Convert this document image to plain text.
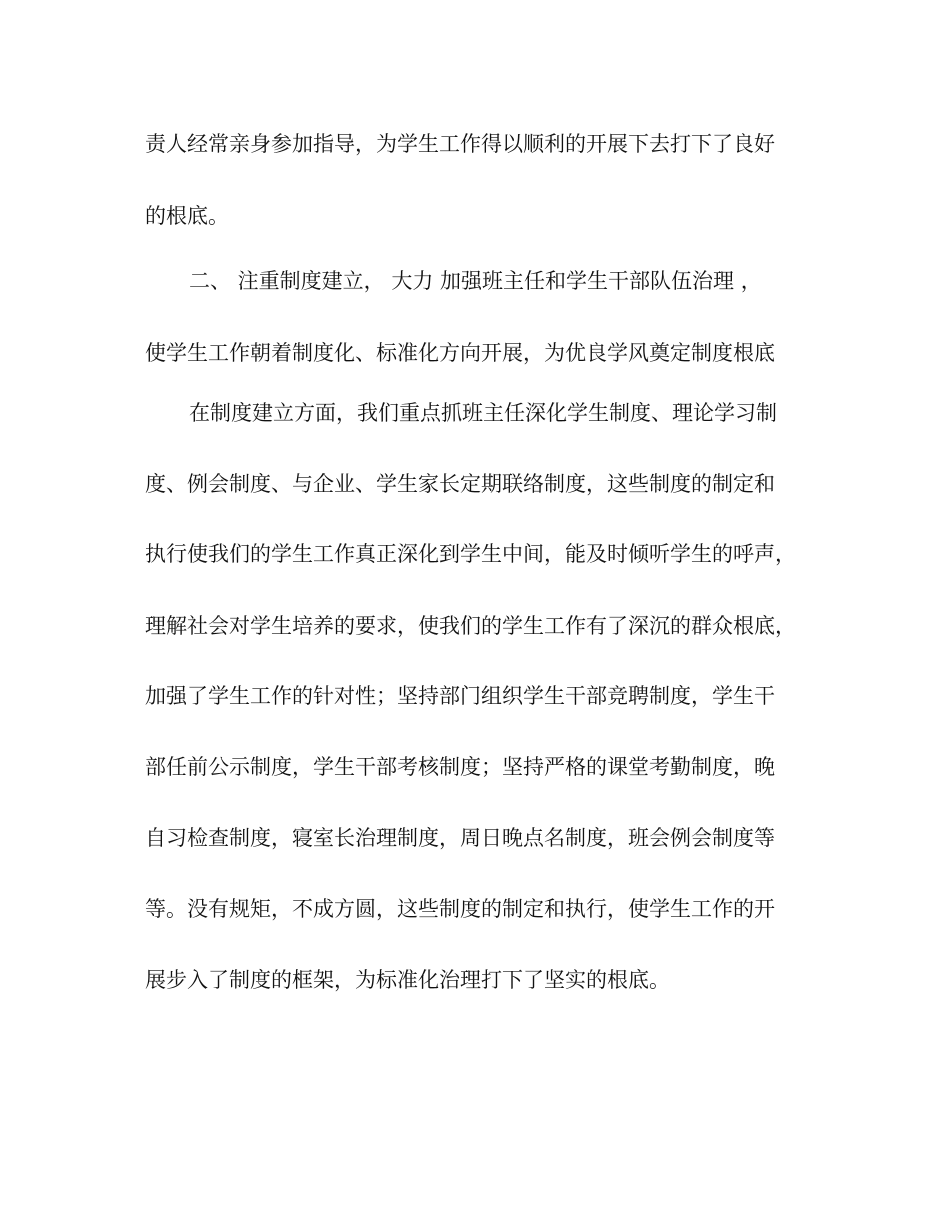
责人经常亲身参加指导，为学生工作得以顺利的开展下去打下了良好
的根底。
二、 注重制度建立， 大力 加强班主任和学生干部队伍治理 ，
使学生工作朝着制度化、标准化方向开展，为优良学风奠定制度根底
在制度建立方面，我们重点抓班主任深化学生制度、理论学习制
度、例会制度、与企业、学生家长定期联络制度，这些制度的制定和
执行使我们的学生工作真正深化到学生中间，能及时倾听学生的呼声，
理解社会对学生培养的要求，使我们的学生工作有了深沉的群众根底，
加强了学生工作的针对性；坚持部门组织学生干部竞聘制度，学生干
部任前公示制度，学生干部考核制度；坚持严格的课堂考勤制度，晚
自习检查制度，寝室长治理制度，周日晚点名制度，班会例会制度等
等。没有规矩，不成方圆，这些制度的制定和执行，使学生工作的开
展步入了制度的框架，为标准化治理打下了坚实的根底。
